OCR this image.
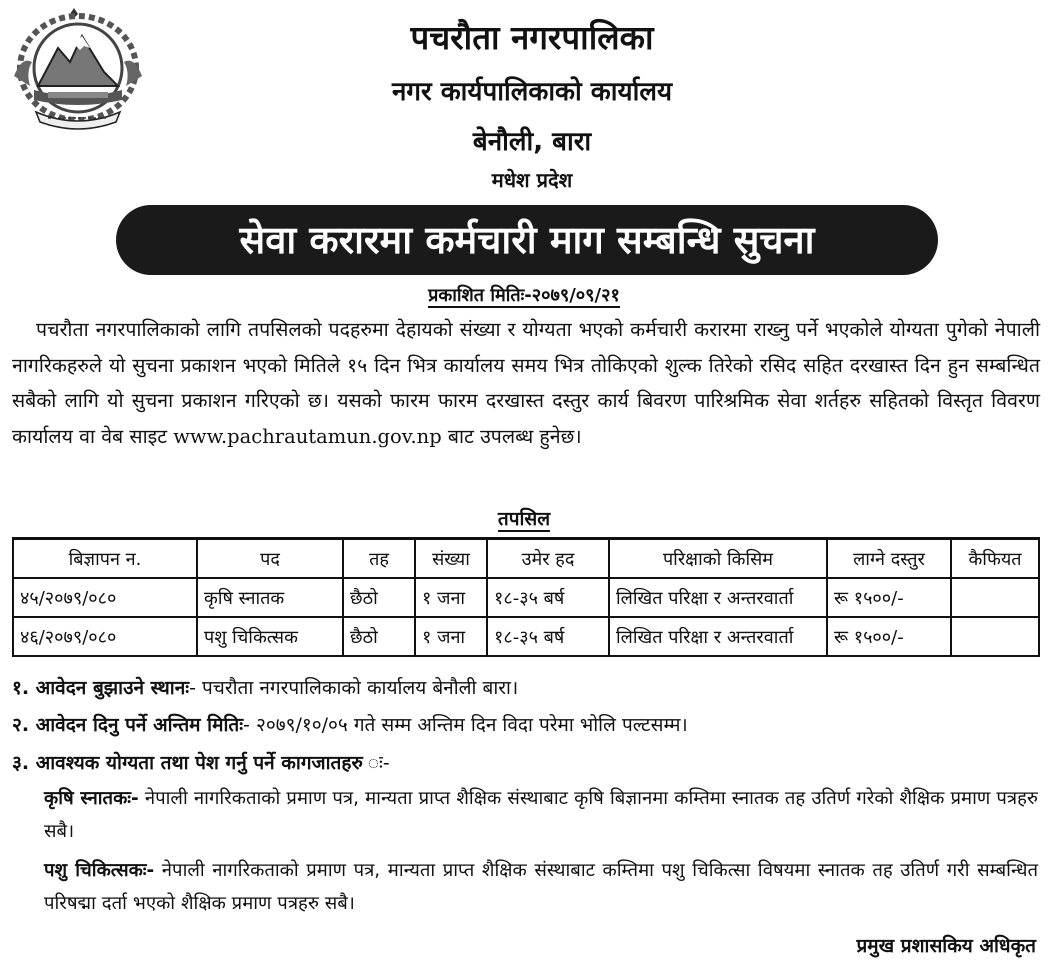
पचरौता नगरपालिका
नगर कार्यपालिकाको कार्यालय
बेनौली, बारा
मधेश प्रदेश
सेवा करारमा कर्मचारी माग सम्बन्धि सुचना
प्रकाशित मितिः-२०७९/०९/२१

पचरौता नगरपालिकाको लागि तपसिलको पदहरुमा देहायको संख्या र योग्यता भएको कर्मचारी करारमा राख्नु पर्ने भएकोले योग्यता पुगेको नेपाली नागरिकहरुले यो सुचना प्रकाशन भएको मितिले १५ दिन भित्र कार्यालय समय भित्र तोकिएको शुल्क तिरेको रसिद सहित दरखास्त दिन हुन सम्बन्धित सबैको लागि यो सुचना प्रकाशन गरिएको छ। यसको फारम फारम दरखास्त दस्तुर कार्य बिवरण पारिश्रमिक सेवा शर्तहरु सहितको विस्तृत विवरण कार्यालय वा वेब साइट www.pachrautamun.gov.np बाट उपलब्ध हुनेछ।

तपसिल
बिज्ञापन न.	पद	तह	संख्या	उमेर हद	परिक्षाको किसिम	लाग्ने दस्तुर	कैफियत
४५/२०७९/०८०	कृषि स्नातक	छैठो	१ जना	१८-३५ बर्ष	लिखित परिक्षा र अन्तरवार्ता	रू १५००/-	
४६/२०७९/०८०	पशु चिकित्सक	छैठो	१ जना	१८-३५ बर्ष	लिखित परिक्षा र अन्तरवार्ता	रू १५००/-	
१. आवेदन बुझाउने स्थानः- पचरौता नगरपालिकाको कार्यालय बेनौली बारा।
२. आवेदन दिनु पर्ने अन्तिम मितिः- २०७९/१०/०५ गते सम्म अन्तिम दिन विदा परेमा भोलि पल्टसम्म।
३. आवश्यक योग्यता तथा पेश गर्नु पर्ने कागजातहरु ः-

कृषि स्नातकः- नेपाली नागरिकताको प्रमाण पत्र, मान्यता प्राप्त शैक्षिक संस्थाबाट कृषि बिज्ञानमा कम्तिमा स्नातक तह उतिर्ण गरेको शैक्षिक प्रमाण पत्रहरु सबै।

पशु चिकित्सकः- नेपाली नागरिकताको प्रमाण पत्र, मान्यता प्राप्त शैक्षिक संस्थाबाट कम्तिमा पशु चिकित्सा विषयमा स्नातक तह उतिर्ण गरी सम्बन्धित परिषद्मा दर्ता भएको शैक्षिक प्रमाण पत्रहरु सबै।

प्रमुख प्रशासकिय अधिकृत
